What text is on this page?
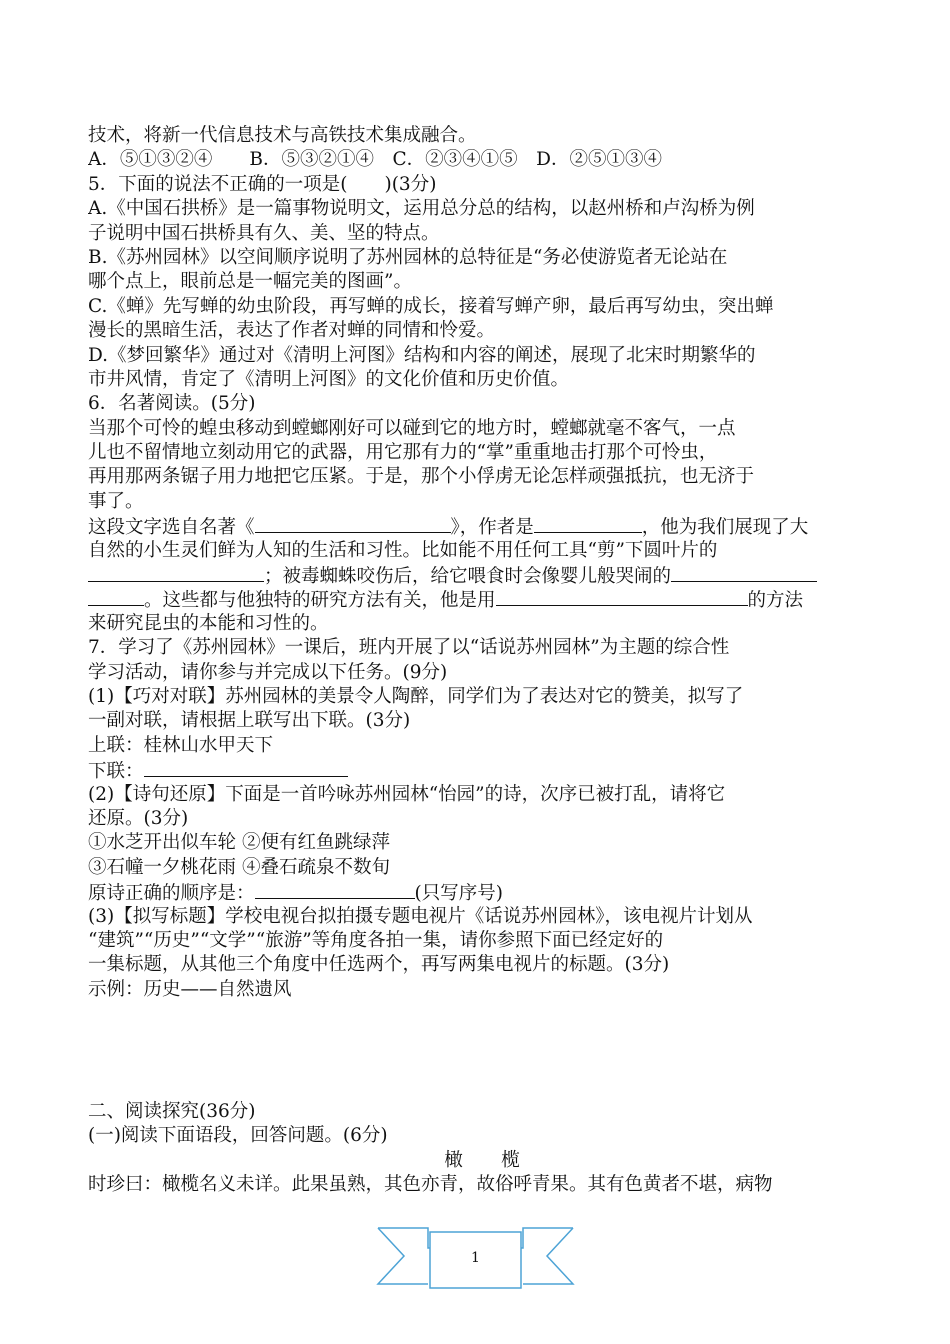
技术，将新一代信息技术与高铁技术集成融合。
A．⑤①③②④　　B．⑤③②①④　C．②③④①⑤　D．②⑤①③④
5．下面的说法不正确的一项是(　　)(3分)
A.《中国石拱桥》是一篇事物说明文，运用总分总的结构，以赵州桥和卢沟桥为例
子说明中国石拱桥具有久、美、坚的特点。
B.《苏州园林》以空间顺序说明了苏州园林的总特征是“务必使游览者无论站在
哪个点上，眼前总是一幅完美的图画”。
C.《蝉》先写蝉的幼虫阶段，再写蝉的成长，接着写蝉产卵，最后再写幼虫，突出蝉
漫长的黑暗生活，表达了作者对蝉的同情和怜爱。
D.《梦回繁华》通过对《清明上河图》结构和内容的阐述，展现了北宋时期繁华的
市井风情，肯定了《清明上河图》的文化价值和历史价值。
6．名著阅读。(5分)
当那个可怜的蝗虫移动到螳螂刚好可以碰到它的地方时，螳螂就毫不客气，一点
儿也不留情地立刻动用它的武器，用它那有力的“掌”重重地击打那个可怜虫，
再用那两条锯子用力地把它压紧。于是，那个小俘虏无论怎样顽强抵抗，也无济于
事了。
这段文字选自名著《	》，作者是	，他为我们展现了大
自然的小生灵们鲜为人知的生活和习性。比如能不用任何工具“剪”下圆叶片的
；被毒蜘蛛咬伤后，给它喂食时会像婴儿般哭闹的
。这些都与他独特的研究方法有关，他是用	的方法
来研究昆虫的本能和习性的。
7．学习了《苏州园林》一课后，班内开展了以“话说苏州园林”为主题的综合性
学习活动，请你参与并完成以下任务。(9分)
(1)【巧对对联】苏州园林的美景令人陶醉，同学们为了表达对它的赞美，拟写了
一副对联，请根据上联写出下联。(3分)
上联：桂林山水甲天下
下联：
(2)【诗句还原】下面是一首吟咏苏州园林“怡园”的诗，次序已被打乱，请将它
还原。(3分)
①水芝开出似车轮 ②便有红鱼跳绿萍
③石幢一夕桃花雨 ④叠石疏泉不数旬
原诗正确的顺序是：	(只写序号)
(3)【拟写标题】学校电视台拟拍摄专题电视片《话说苏州园林》，该电视片计划从
“建筑”“历史”“文学”“旅游”等角度各拍一集，请你参照下面已经定好的
一集标题，从其他三个角度中任选两个，再写两集电视片的标题。(3分)
示例：历史——自然遗风
二、阅读探究(36分)
(一)阅读下面语段，回答问题。(6分)
橄　榄
时珍曰：橄榄名义未详。此果虽熟，其色亦青，故俗呼青果。其有色黄者不堪，病物
1
